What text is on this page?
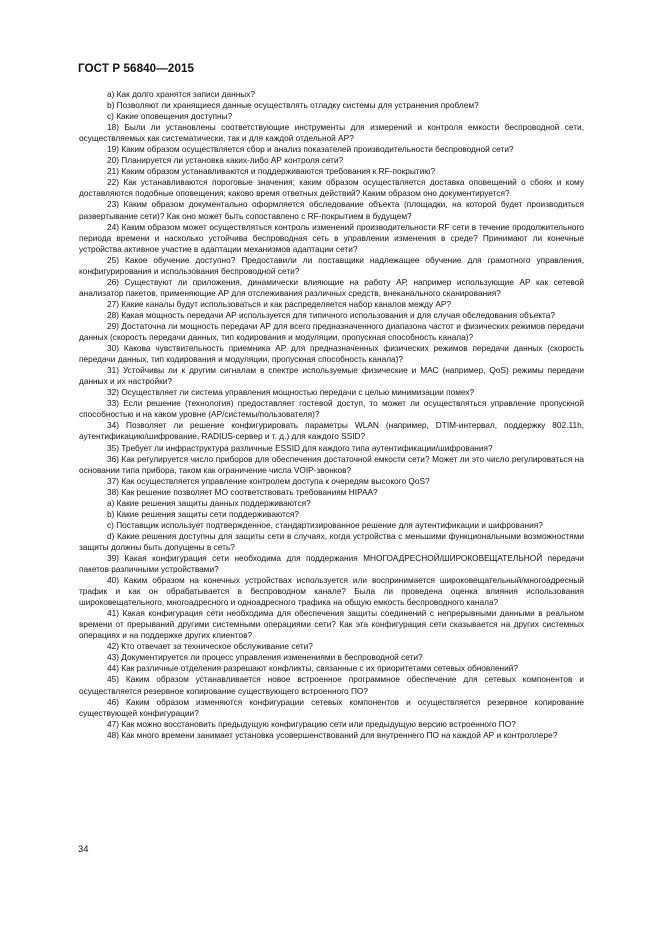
ГОСТ Р 56840—2015

а) Как долго хранятся записи данных?

b) Позволяют ли хранящиеся данные осуществлять отладку системы для устранения проблем?

с) Какие оповещения доступны?

18) Были ли установлены соответствующие инструменты для измерений и контроля емкости беспроводной сети, осуществляемых как систематически, так и для каждой отдельной АР?

19) Каким образом осуществляется сбор и анализ показателей производительности беспроводной сети?

20) Планируется ли установка каких-либо АР контроля сети?

21) Каким образом устанавливаются и поддерживаются требования к RF-покрытию?

22) Как устанавливаются пороговые значения; каким образом осуществляется доставка оповещений о сбоях и кому доставляются подобные оповещения; каково время ответных действий? Каким образом оно документируется?

23) Каким образом документально оформляется обследование объекта (площадки, на которой будет производиться развертывание сети)? Как оно может быть сопоставлено с RF-покрытием в будущем?

24) Каким образом может осуществляться контроль изменений производительности RF сети в течение продолжительного периода времени и насколько устойчива беспроводная сеть в управлении изменения в среде? Принимают ли конечные устройства активное участие в адаптации механизмов адаптации сети?

25) Какое обучение доступно? Предоставили ли поставщики надлежащее обучение для грамотного управления, конфигурирования и использования беспроводной сети?

26) Существуют ли приложения, динамически влияющие на работу АР, например использующие АР как сетевой анализатор пакетов, применяющие АР для отслеживания различных средств, внеканального сканирования?

27) Какие каналы будут использоваться и как распределяется набор каналов между АР?

28) Какая мощность передачи АР используется для типичного использования и для случая обследования объекта?

29) Достаточна ли мощность передачи АР для всего предназначенного диапазона частот и физических режимов передачи данных (скорость передачи данных, тип кодирования и модуляции, пропускная способность канала)?

30) Какова чувствительность приемника АР для предназначенных физических режимов передачи данных (скорость передачи данных, тип кодирования и модуляции, пропускная способность канала)?

31) Устойчивы ли к другим сигналам в спектре используемые физические и МАС (например, QoS) режимы передачи данных и их настройки?

32) Осуществляет ли система управления мощностью передачи с целью минимизации помех?

33) Если решение (технология) предоставляет гостевой доступ, то может ли осуществляться управление пропускной способностью и на каком уровне (АР/системы/пользователя)?

34) Позволяет ли решение конфигурировать параметры WLAN (например, DTIM-интервал, поддержку 802.11h, аутентификацию/шифрование, RADIUS-сервер и т. д.) для каждого SSID?

35) Требует ли инфраструктура различные ESSID для каждого типа аутентификации/шифрования?

36) Как регулируется число приборов для обеспечения достаточной емкости сети? Может ли это число регулироваться на основании типа прибора, таком как ограничение числа VOIP-звонков?

37) Как осуществляется управление контролем доступа к очередям высокого QoS?

38) Как решение позволяет МО соответствовать требованиям HIPAA?

а) Какие решения защиты данных поддерживаются?

b) Какие решения защиты сети поддерживаются?

с) Поставщик использует подтвержденное, стандартизированное решение для аутентификации и шифрования?

d) Какие решения доступны для защиты сети в случаях, когда устройства с меньшими функциональными возможностями защиты должны быть допущены в сеть?

39) Какая конфигурация сети необходима для поддержания МНОГОАДРЕСНОЙ/ШИРОКОВЕЩАТЕЛЬНОЙ передачи пакетов различными устройствами?

40) Каким образом на конечных устройствах используется или воспринимается широковещательный/многоадресный трафик и как он обрабатывается в беспроводном канале? Была ли проведена оценка влияния использования широковещательного, многоадресного и одноадресного трафика на общую емкость беспроводного канала?

41) Какая конфигурация сети необходима для обеспечения защиты соединений с непрерывными данными в реальном времени от прерываний другими системными операциями сети? Как эта конфигурация сети сказывается на других системных операциях и на поддержке других клиентов?

42) Кто отвечает за техническое обслуживание сети?

43) Документируется ли процесс управления изменениями в беспроводной сети?

44) Как различные отделения разрешают конфликты, связанные с их приоритетами сетевых обновлений?

45) Каким образом устанавливается новое встроенное программное обеспечение для сетевых компонентов и осуществляется резервное копирование существующего встроенного ПО?

46) Каким образом изменяются конфигурации сетевых компонентов и осуществляется резервное копирование существующей конфигурации?

47) Как можно восстановить предыдущую конфигурацию сети или предыдущую версию встроенного ПО?

48) Как много времени занимает установка усовершенствований для внутреннего ПО на каждой АР и контроллере?

34
